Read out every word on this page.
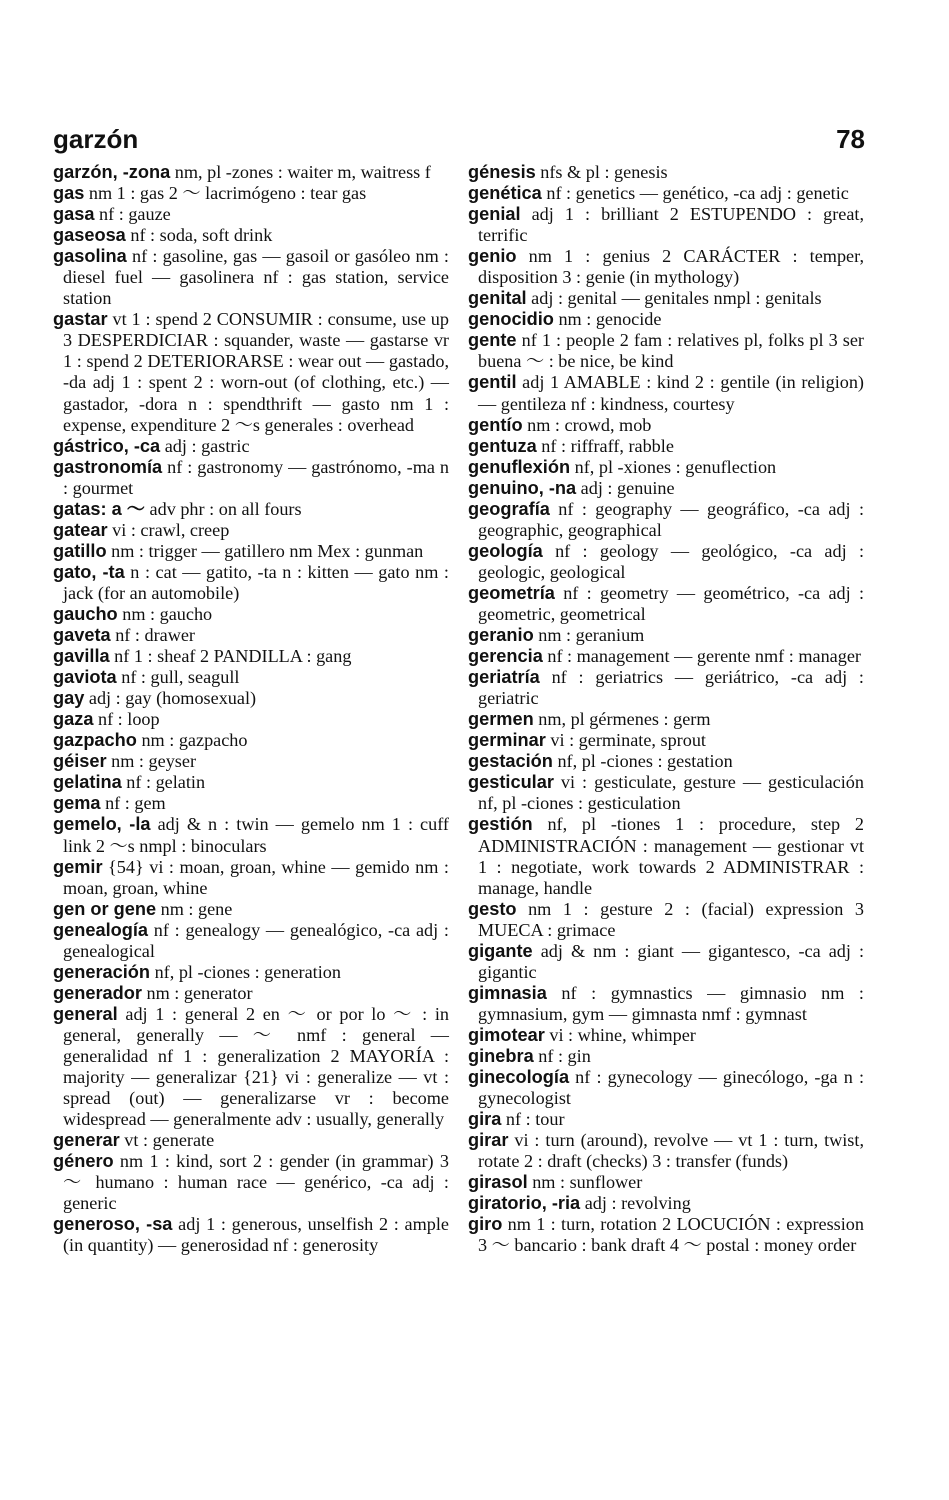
garzón	78

garzón, -zona nm, pl -zones : waiter m, waitress f

gas nm 1 : gas 2 ～ lacrimógeno : tear gas

gasa nf : gauze

gaseosa nf : soda, soft drink

gasolina nf : gasoline, gas — gasoil or gasóleo nm : diesel fuel — gasolinera nf : gas station, service station

gastar vt 1 : spend 2 CONSUMIR : consume, use up 3 DESPERDICIAR : squander, waste — gastarse vr 1 : spend 2 DETERIORARSE : wear out — gastado, -da adj 1 : spent 2 : worn-out (of clothing, etc.) — gastador, -dora n : spendthrift — gasto nm 1 : expense, expenditure 2 ～s generales : overhead

gástrico, -ca adj : gastric

gastronomía nf : gastronomy — gastrónomo, -ma n : gourmet

gatas: a ～ adv phr : on all fours

gatear vi : crawl, creep

gatillo nm : trigger — gatillero nm Mex : gunman

gato, -ta n : cat — gatito, -ta n : kitten — gato nm : jack (for an automobile)

gaucho nm : gaucho

gaveta nf : drawer

gavilla nf 1 : sheaf 2 PANDILLA : gang

gaviota nf : gull, seagull

gay adj : gay (homosexual)

gaza nf : loop

gazpacho nm : gazpacho

géiser nm : geyser

gelatina nf : gelatin

gema nf : gem

gemelo, -la adj & n : twin — gemelo nm 1 : cuff link 2 ～s nmpl : binoculars

gemir {54} vi : moan, groan, whine — gemido nm : moan, groan, whine

gen or gene nm : gene

genealogía nf : genealogy — genealógico, -ca adj : genealogical

generación nf, pl -ciones : generation

generador nm : generator

general adj 1 : general 2 en ～ or por lo ～ : in general, generally — ～ nmf : general — generalidad nf 1 : generalization 2 MAYORÍA : majority — generalizar {21} vi : generalize — vt : spread (out) — generalizarse vr : become widespread — generalmente adv : usually, generally

generar vt : generate

género nm 1 : kind, sort 2 : gender (in grammar) 3 ～ humano : human race — genérico, -ca adj : generic

generoso, -sa adj 1 : generous, unselfish 2 : ample (in quantity) — generosidad nf : generosity

génesis nfs & pl : genesis

genética nf : genetics — genético, -ca adj : genetic

genial adj 1 : brilliant 2 ESTUPENDO : great, terrific

genio nm 1 : genius 2 CARÁCTER : temper, disposition 3 : genie (in mythology)

genital adj : genital — genitales nmpl : genitals

genocidio nm : genocide

gente nf 1 : people 2 fam : relatives pl, folks pl 3 ser buena ～ : be nice, be kind

gentil adj 1 AMABLE : kind 2 : gentile (in religion) — gentileza nf : kindness, courtesy

gentío nm : crowd, mob

gentuza nf : riffraff, rabble

genuflexión nf, pl -xiones : genuflection

genuino, -na adj : genuine

geografía nf : geography — geográfico, -ca adj : geographic, geographical

geología nf : geology — geológico, -ca adj : geologic, geological

geometría nf : geometry — geométrico, -ca adj : geometric, geometrical

geranio nm : geranium

gerencia nf : management — gerente nmf : manager

geriatría nf : geriatrics — geriátrico, -ca adj : geriatric

germen nm, pl gérmenes : germ

germinar vi : germinate, sprout

gestación nf, pl -ciones : gestation

gesticular vi : gesticulate, gesture — gesticulación nf, pl -ciones : gesticulation

gestión nf, pl -tiones 1 : procedure, step 2 ADMINISTRACIÓN : management — gestionar vt 1 : negotiate, work towards 2 ADMINISTRAR : manage, handle

gesto nm 1 : gesture 2 : (facial) expression 3 MUECA : grimace

gigante adj & nm : giant — gigantesco, -ca adj : gigantic

gimnasia nf : gymnastics — gimnasio nm : gymnasium, gym — gimnasta nmf : gymnast

gimotear vi : whine, whimper

ginebra nf : gin

ginecología nf : gynecology — ginecólogo, -ga n : gynecologist

gira nf : tour

girar vi : turn (around), revolve — vt 1 : turn, twist, rotate 2 : draft (checks) 3 : transfer (funds)

girasol nm : sunflower

giratorio, -ria adj : revolving

giro nm 1 : turn, rotation 2 LOCUCIÓN : expression 3 ～ bancario : bank draft 4 ～ postal : money order
